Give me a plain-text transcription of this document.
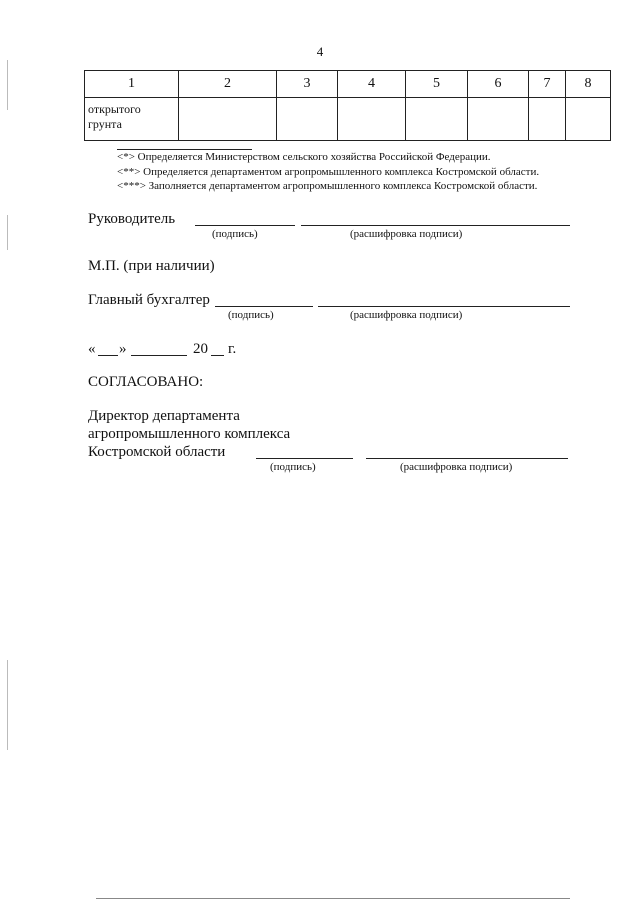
4
1	2	3	4	5	6	7	8

открытого
грунта							

<*> Определяется Министерством сельского хозяйства Российской Федерации.
<**> Определяется департаментом агропромышленного комплекса Костромской области.
<***> Заполняется департаментом агропромышленного комплекса Костромской области.
Руководитель
(подпись)	(расшифровка подписи)
М.П. (при наличии)
Главный бухгалтер
(подпись)	(расшифровка подписи)
« »	20 г.
СОГЛАСОВАНО:
Директор департамента
агропромышленного комплекса
Костромской области
(подпись)	(расшифровка подписи)
